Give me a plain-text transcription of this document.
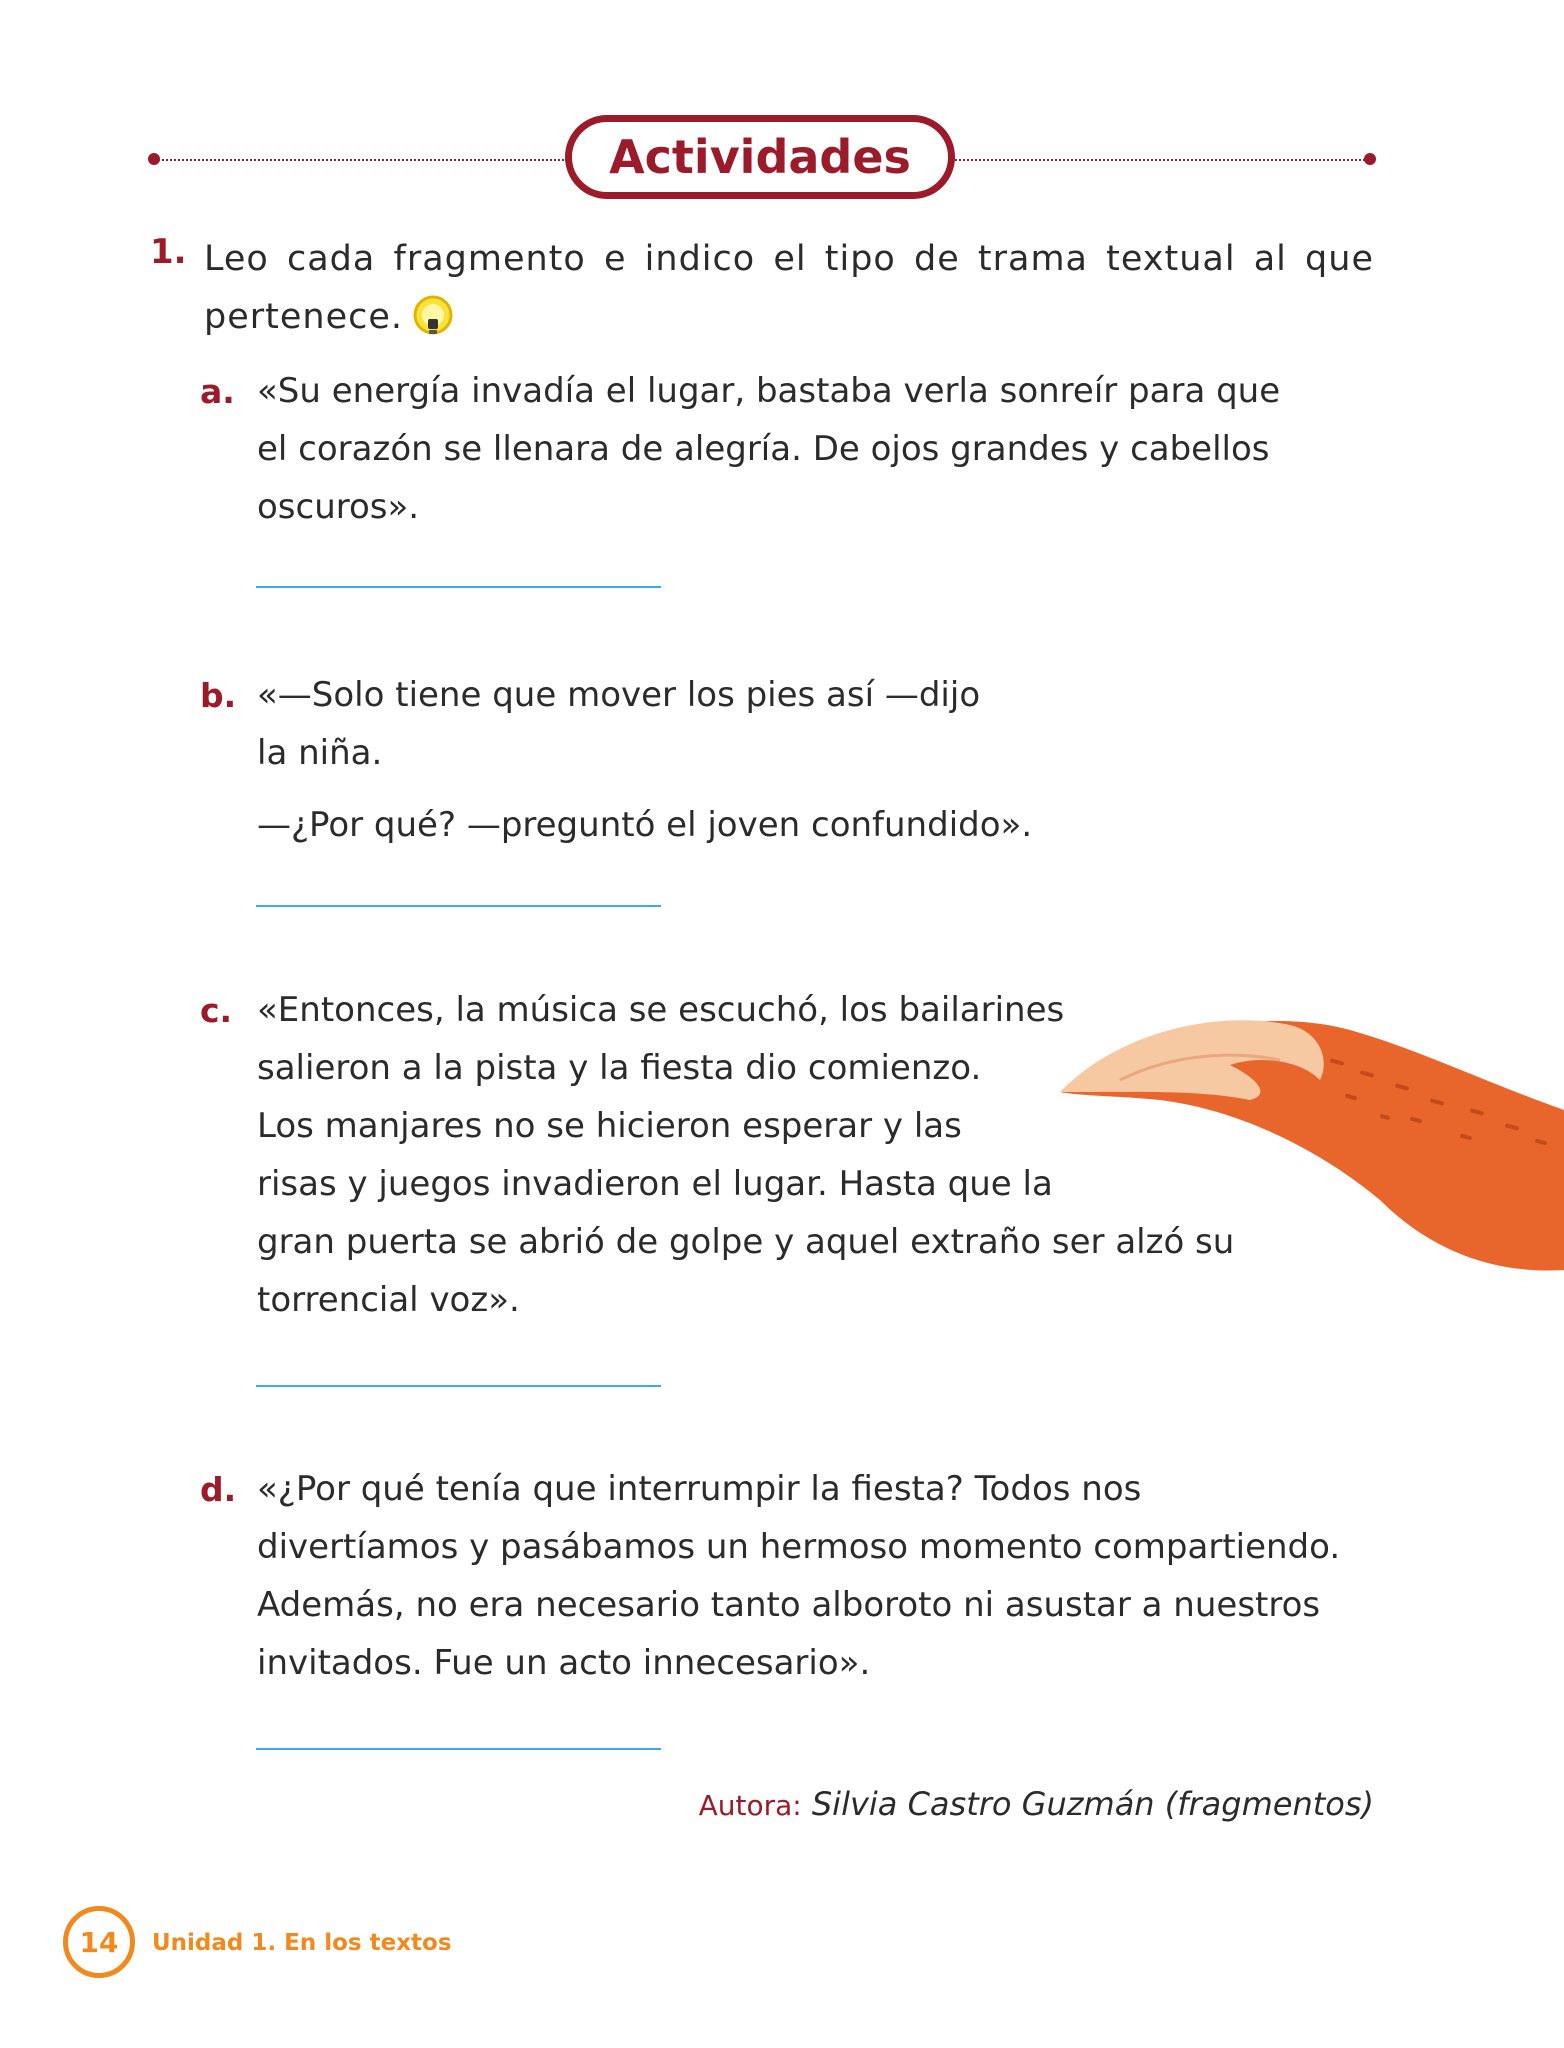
Actividades
1. Leo cada fragmento e indico el tipo de trama textual al que pertenece.
a. «Su energía invadía el lugar, bastaba verla sonreír para que

el corazón se llenara de alegría. De ojos grandes y cabellos

oscuros».

b. «—Solo tiene que mover los pies así —dijo

la niña.

—¿Por qué? —preguntó el joven confundido».

c. «Entonces, la música se escuchó, los bailarines

salieron a la pista y la fiesta dio comienzo.

Los manjares no se hicieron esperar y las

risas y juegos invadieron el lugar. Hasta que la

gran puerta se abrió de golpe y aquel extraño ser alzó su

torrencial voz».

d. «¿Por qué tenía que interrumpir la fiesta? Todos nos

divertíamos y pasábamos un hermoso momento compartiendo.

Además, no era necesario tanto alboroto ni asustar a nuestros

invitados. Fue un acto innecesario».

Autora: Silvia Castro Guzmán (fragmentos)
14	Unidad 1. En los textos
